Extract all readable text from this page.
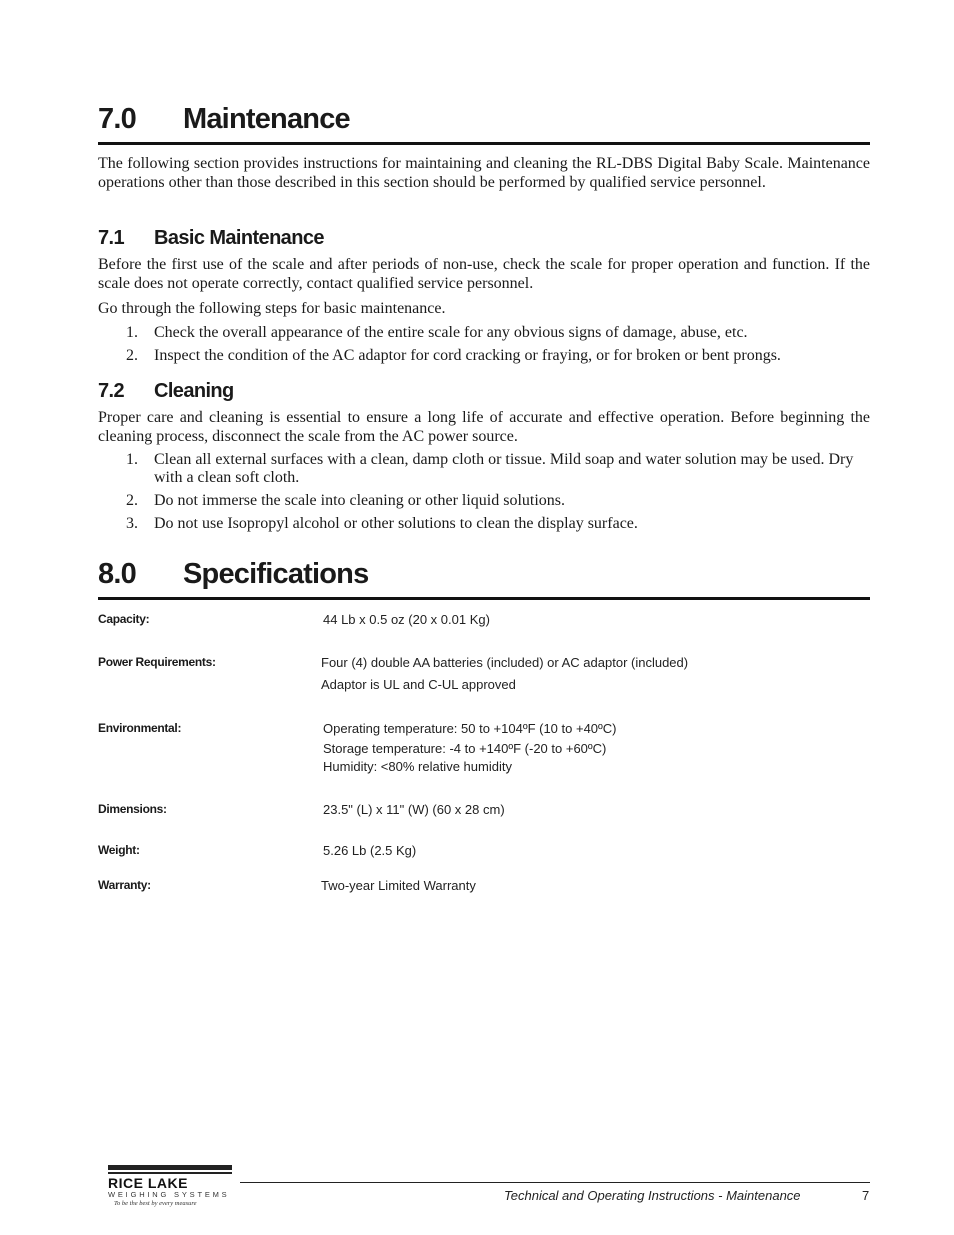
7.0 Maintenance

The following section provides instructions for maintaining and cleaning the RL-DBS Digital Baby Scale. Maintenance operations other than those described in this section should be performed by qualified service personnel.

7.1 Basic Maintenance

Before the first use of the scale and after periods of non-use, check the scale for proper operation and function. If the scale does not operate correctly, contact qualified service personnel.

Go through the following steps for basic maintenance.

1. Check the overall appearance of the entire scale for any obvious signs of damage, abuse, etc.
2. Inspect the condition of the AC adaptor for cord cracking or fraying, or for broken or bent prongs.
7.2 Cleaning

Proper care and cleaning is essential to ensure a long life of accurate and effective operation. Before beginning the cleaning process, disconnect the scale from the AC power source.

1. Clean all external surfaces with a clean, damp cloth or tissue. Mild soap and water solution may be used. Dry with a clean soft cloth.
2. Do not immerse the scale into cleaning or other liquid solutions.
3. Do not use Isopropyl alcohol or other solutions to clean the display surface.
8.0 Specifications
Capacity:	44 Lb x 0.5 oz (20 x 0.01 Kg)
Power Requirements:	Four (4) double AA batteries (included) or AC adaptor (included)
Adaptor is UL and C-UL approved
Environmental:	Operating temperature: 50 to +104ºF (10 to +40ºC)
Storage temperature: -4 to +140ºF (-20 to +60ºC)
Humidity: <80% relative humidity
Dimensions:	23.5" (L) x 11" (W) (60 x 28 cm)
Weight:	5.26 Lb (2.5 Kg)
Warranty:	Two-year Limited Warranty
RICE LAKE
WEIGHING SYSTEMS
To be the best by every measure
Technical and Operating Instructions - Maintenance	7
